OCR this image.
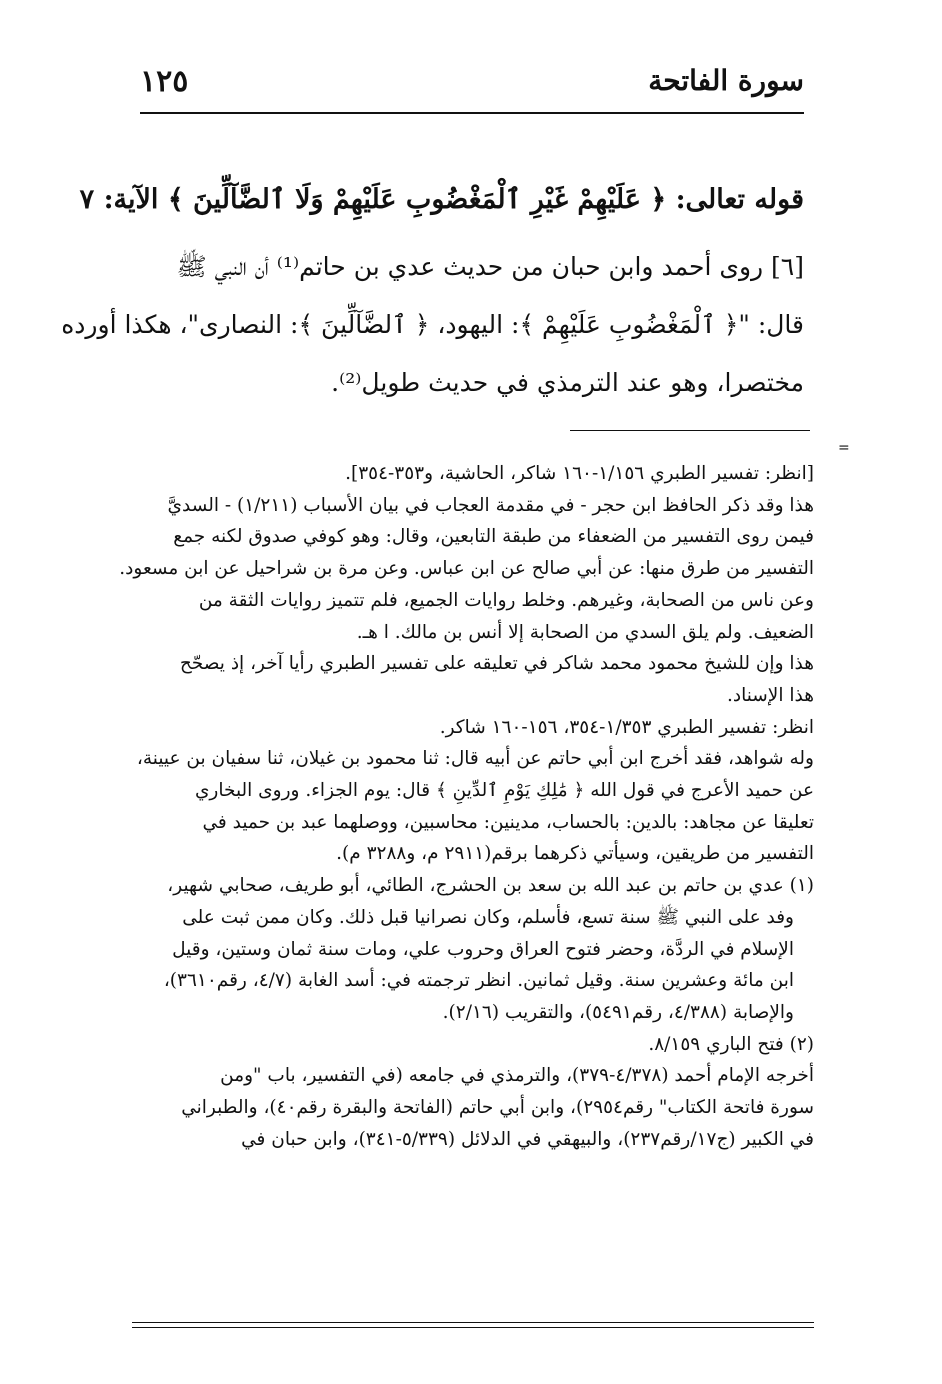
سورة الفاتحة
١٢٥
قوله تعالى: ﴿ عَلَيْهِمْ غَيْرِ ٱلْمَغْضُوبِ عَلَيْهِمْ وَلَا ٱلضَّآلِّينَ ﴾ الآية: ٧

[٦] روى أحمد وابن حبان من حديث عدي بن حاتم⁽¹⁾ أن النبي ﷺ

قال: "﴿ ٱلْمَغْضُوبِ عَلَيْهِمْ ﴾: اليهود، ﴿ ٱلضَّآلِّينَ ﴾: النصارى"، هكذا أورده

مختصرا، وهو عند الترمذي في حديث طويل⁽²⁾.

=

[انظر: تفسير الطبري ١/١٥٦-١٦٠ شاكر، الحاشية، و٣٥٣-٣٥٤].

هذا وقد ذكر الحافظ ابن حجر - في مقدمة العجاب في بيان الأسباب (١/٢١١) - السديَّ

فيمن روى التفسير من الضعفاء من طبقة التابعين، وقال: وهو كوفي صدوق لكنه جمع

التفسير من طرق منها: عن أبي صالح عن ابن عباس. وعن مرة بن شراحيل عن ابن مسعود.

وعن ناس من الصحابة، وغيرهم. وخلط روايات الجميع، فلم تتميز روايات الثقة من

الضعيف. ولم يلق السدي من الصحابة إلا أنس بن مالك. ا هـ.

هذا وإن للشيخ محمود محمد شاكر في تعليقه على تفسير الطبري رأيا آخر، إذ يصحّح

هذا الإسناد.

انظر: تفسير الطبري ١/٣٥٣-٣٥٤، ١٥٦-١٦٠ شاكر.

وله شواهد، فقد أخرج ابن أبي حاتم عن أبيه قال: ثنا محمود بن غيلان، ثنا سفيان بن عيينة،

عن حميد الأعرج في قول الله ﴿ مَٰلِكِ يَوْمِ ٱلدِّينِ ﴾ قال: يوم الجزاء. وروى البخاري

تعليقا عن مجاهد: بالدين: بالحساب، مدينين: محاسبين، ووصلهما عبد بن حميد في

التفسير من طريقين، وسيأتي ذكرهما برقم(٢٩١١ م، و٣٢٨٨ م).

(١) عدي بن حاتم بن عبد الله بن سعد بن الحشرج، الطائي، أبو طريف، صحابي شهير،

وفد على النبي ﷺ سنة تسع، فأسلم، وكان نصرانيا قبل ذلك. وكان ممن ثبت على

الإسلام في الردَّة، وحضر فتوح العراق وحروب علي، ومات سنة ثمان وستين، وقيل

ابن مائة وعشرين سنة. وقيل ثمانين. انظر ترجمته في: أسد الغابة (٤/٧، رقم٣٦١٠)،

والإصابة (٤/٣٨٨، رقم٥٤٩١)، والتقريب (٢/١٦).

(٢) فتح الباري ٨/١٥٩.

أخرجه الإمام أحمد (٤/٣٧٨-٣٧٩)، والترمذي في جامعه (في التفسير، باب "ومن

سورة فاتحة الكتاب" رقم٢٩٥٤)، وابن أبي حاتم (الفاتحة والبقرة رقم٤٠)، والطبراني

في الكبير (ج١٧/رقم٢٣٧)، والبيهقي في الدلائل (٥/٣٣٩-٣٤١)، وابن حبان في
